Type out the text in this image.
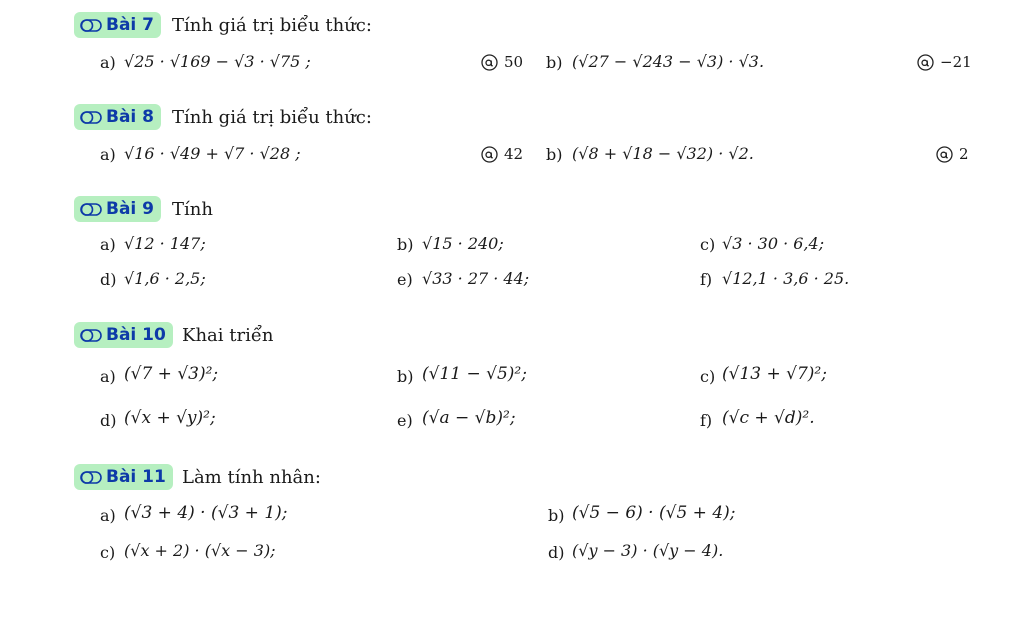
Bài 7 Tính giá trị biểu thức:
a) √25 · √169 − √3 · √75 ;	50 b) (√27 − √243 − √3) · √3.	−21
Bài 8 Tính giá trị biểu thức:
a) √16 · √49 + √7 · √28 ;	42 b) (√8 + √18 − √32) · √2.	2
Bài 9 Tính
a) √12 · 147;	b) √15 · 240;	c) √3 · 30 · 6,4;
d) √1,6 · 2,5;	e) √33 · 27 · 44;	f) √12,1 · 3,6 · 25.
Bài 10 Khai triển
a) (√7 + √3)²;	b) (√11 − √5)²;	c) (√13 + √7)²;
d) (√x + √y)²;	e) (√a − √b)²;	f) (√c + √d)².
Bài 11 Làm tính nhân:
a) (√3 + 4) · (√3 + 1);	b) (√5 − 6) · (√5 + 4);
c) (√x + 2) · (√x − 3);	d) (√y − 3) · (√y − 4).
